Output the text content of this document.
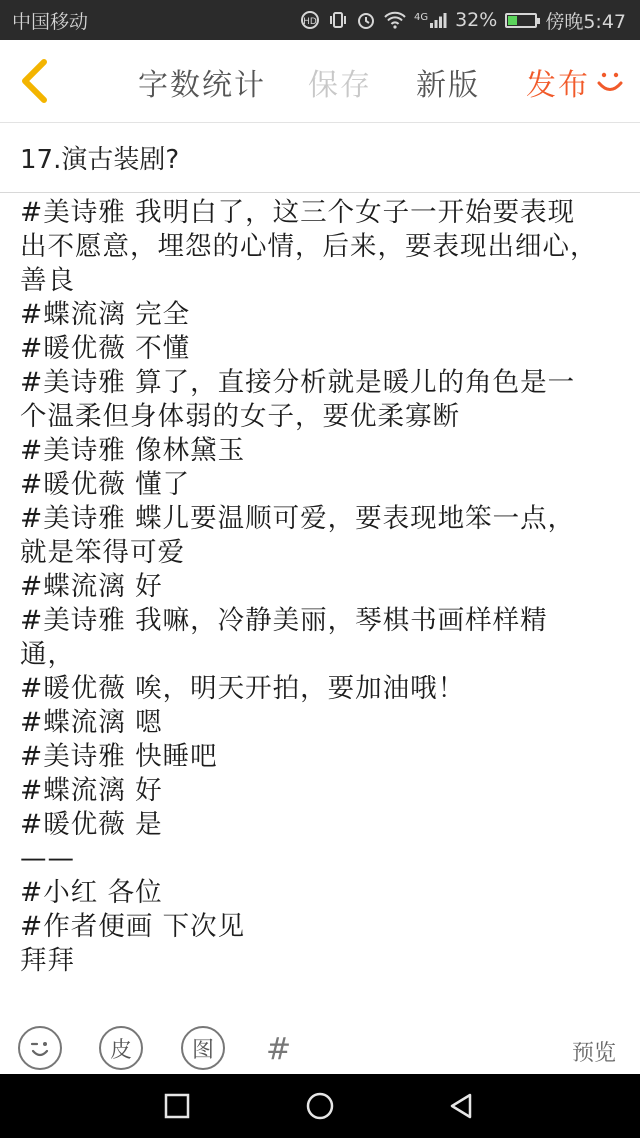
中国移动	HD	4G 32%	傍晚5:47
字数统计 保存 新版 发布
17.演古装剧?
#美诗雅 我明白了，这三个女子一开始要表现
出不愿意，埋怨的心情，后来，要表现出细心，
善良
#蝶流漓 完全
#暖优薇 不懂
#美诗雅 算了，直接分析就是暖儿的角色是一
个温柔但身体弱的女子，要优柔寡断
#美诗雅 像林黛玉
#暖优薇 懂了
#美诗雅 蝶儿要温顺可爱，要表现地笨一点，
就是笨得可爱
#蝶流漓 好
#美诗雅 我嘛，冷静美丽，琴棋书画样样精
通，
#暖优薇 唉，明天开拍，要加油哦！
#蝶流漓 嗯
#美诗雅 快睡吧
#蝶流漓 好
#暖优薇 是
——
#小红 各位
#作者便画 下次见
拜拜
皮	图 #	预览
